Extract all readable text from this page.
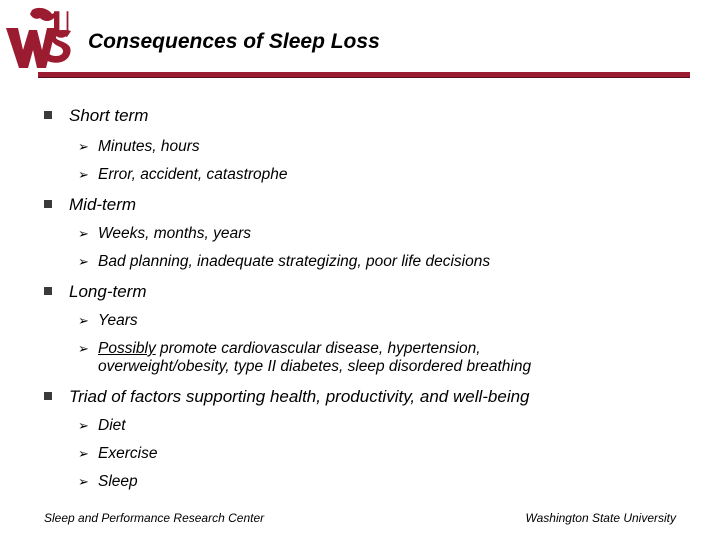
Consequences of Sleep Loss
Short term
➢ Minutes, hours
➢ Error, accident, catastrophe
Mid-term
➢ Weeks, months, years
➢ Bad planning, inadequate strategizing, poor life decisions
Long-term
➢ Years
➢ Possibly promote cardiovascular disease, hypertension,
overweight/obesity, type II diabetes, sleep disordered breathing
Triad of factors supporting health, productivity, and well-being
➢ Diet
➢ Exercise
➢ Sleep
Sleep and Performance Research Center	Washington State University
